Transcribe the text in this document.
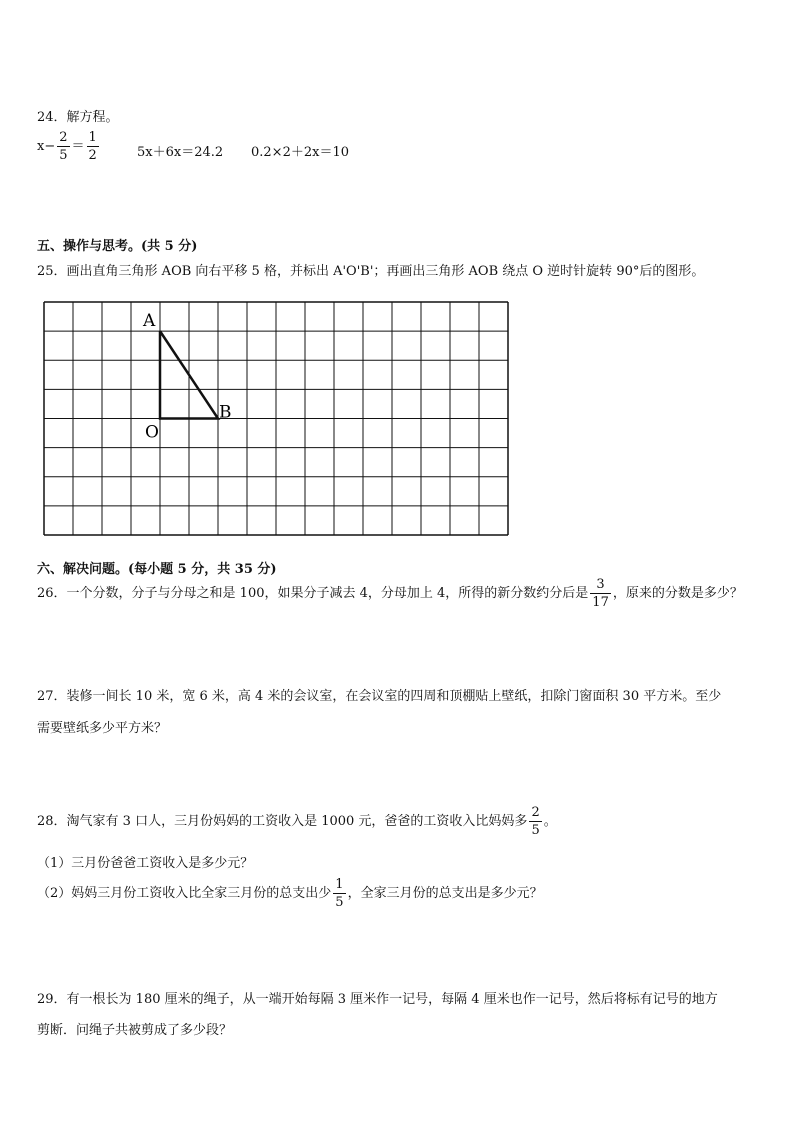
24．解方程。
$x- \frac{2}{5} = \frac{1}{2}$	5x＋6x＝24.2 0.2×2＋2x＝10
五、操作与思考。(共 5 分)
25．画出直角三角形 AOB 向右平移 5 格，并标出 A'O'B'；再画出三角形 AOB 绕点 O 逆时针旋转 90°后的图形。
A
O
B
六、解决问题。(每小题 5 分，共 35 分)
26．一个分数，分子与分母之和是 100，如果分子减去 4，分母加上 4，所得的新分数约分后是 $\frac{3}{17}$ ，原来的分数是多少？
27．装修一间长 10 米，宽 6 米，高 4 米的会议室，在会议室的四周和顶棚贴上壁纸，扣除门窗面积 30 平方米。至少
需要壁纸多少平方米？
28．淘气家有 3 口人，三月份妈妈的工资收入是 1000 元，爸爸的工资收入比妈妈多 $\frac{2}{5}$ 。
（1）三月份爸爸工资收入是多少元？
（2）妈妈三月份工资收入比全家三月份的总支出少 $\frac{1}{5}$ ，全家三月份的总支出是多少元？
29．有一根长为 180 厘米的绳子，从一端开始每隔 3 厘米作一记号，每隔 4 厘米也作一记号，然后将标有记号的地方
剪断．问绳子共被剪成了多少段？
